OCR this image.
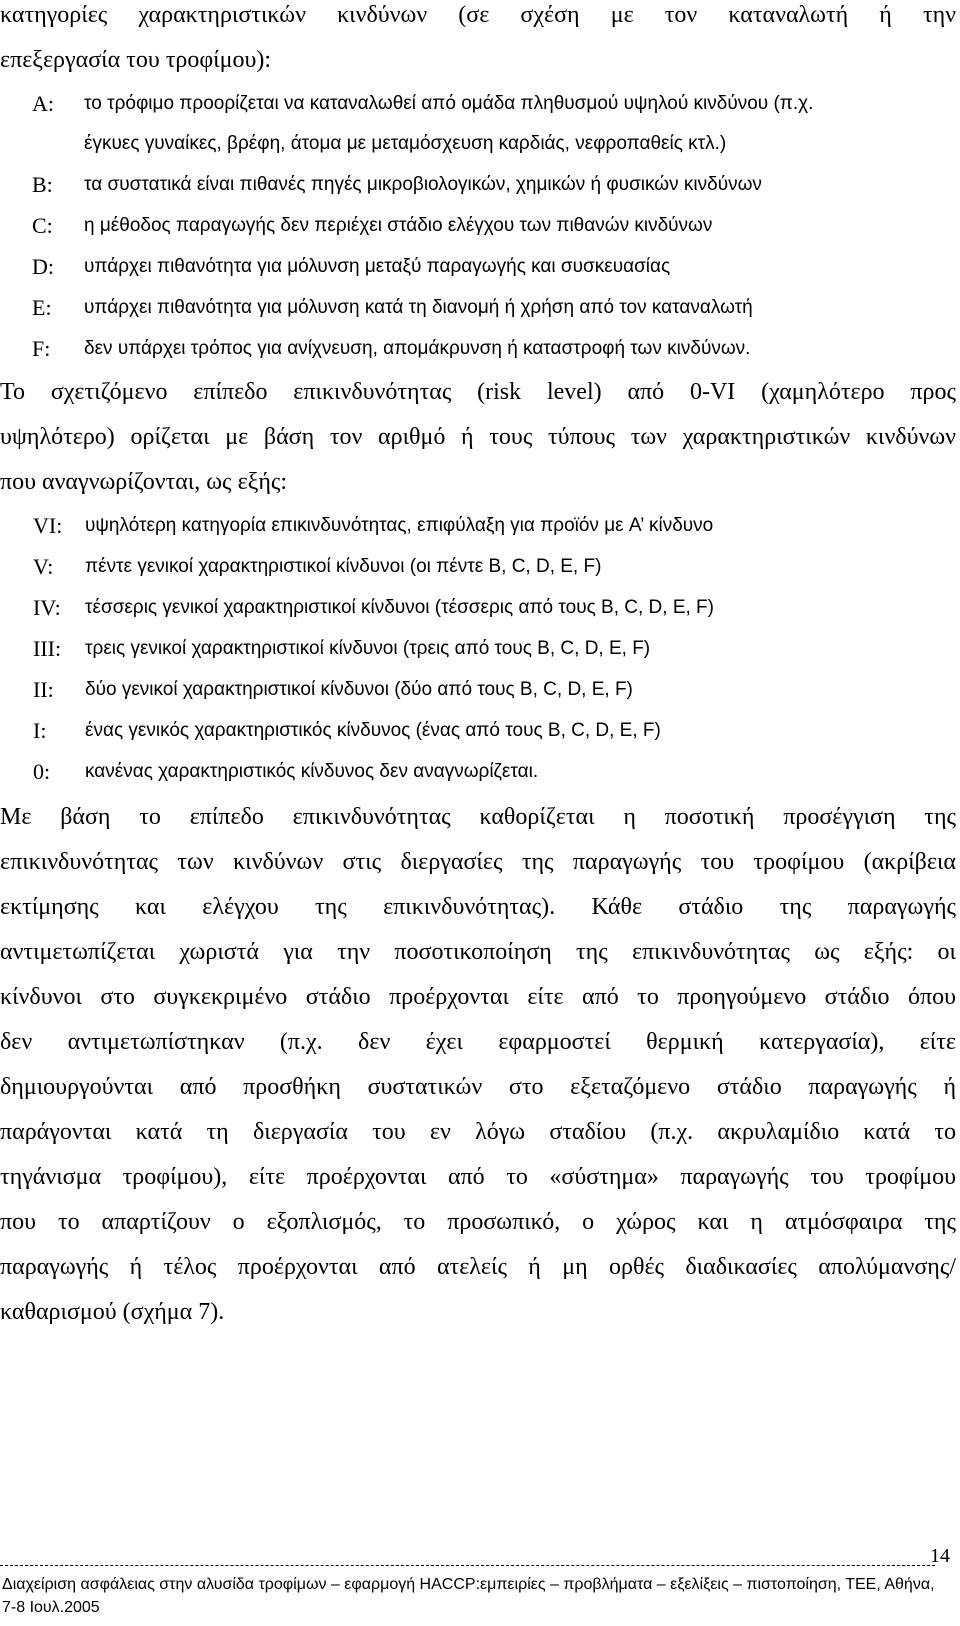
κατηγορίες χαρακτηριστικών κινδύνων (σε σχέση με τον καταναλωτή ή την
επεξεργασία του τροφίμου):
A: το τρόφιμο προορίζεται να καταναλωθεί από ομάδα πληθυσμού υψηλού κινδύνου (π.χ.
έγκυες γυναίκες, βρέφη, άτομα με μεταμόσχευση καρδιάς, νεφροπαθείς κτλ.)
B: τα συστατικά είναι πιθανές πηγές μικροβιολογικών, χημικών ή φυσικών κινδύνων
C: η μέθοδος παραγωγής δεν περιέχει στάδιο ελέγχου των πιθανών κινδύνων
D: υπάρχει πιθανότητα για μόλυνση μεταξύ παραγωγής και συσκευασίας
E: υπάρχει πιθανότητα για μόλυνση κατά τη διανομή ή χρήση από τον καταναλωτή
F: δεν υπάρχει τρόπος για ανίχνευση, απομάκρυνση ή καταστροφή των κινδύνων.
Το σχετιζόμενο επίπεδο επικινδυνότητας (risk level) από 0-VI (χαμηλότερο προς
υψηλότερο) ορίζεται με βάση τον αριθμό ή τους τύπους των χαρακτηριστικών κινδύνων
που αναγνωρίζονται, ως εξής:
VI: υψηλότερη κατηγορία επικινδυνότητας, επιφύλαξη για προϊόν με A’ κίνδυνο
V: πέντε γενικοί χαρακτηριστικοί κίνδυνοι (οι πέντε B, C, D, E, F)
IV: τέσσερις γενικοί χαρακτηριστικοί κίνδυνοι (τέσσερις από τους B, C, D, E, F)
III: τρεις γενικοί χαρακτηριστικοί κίνδυνοι (τρεις από τους B, C, D, E, F)
II: δύο γενικοί χαρακτηριστικοί κίνδυνοι (δύο από τους B, C, D, E, F)
I: ένας γενικός χαρακτηριστικός κίνδυνος (ένας από τους B, C, D, E, F)
0: κανένας χαρακτηριστικός κίνδυνος δεν αναγνωρίζεται.
Με βάση το επίπεδο επικινδυνότητας καθορίζεται η ποσοτική προσέγγιση της
επικινδυνότητας των κινδύνων στις διεργασίες της παραγωγής του τροφίμου (ακρίβεια
εκτίμησης και ελέγχου της επικινδυνότητας). Κάθε στάδιο της παραγωγής
αντιμετωπίζεται χωριστά για την ποσοτικοποίηση της επικινδυνότητας ως εξής: οι
κίνδυνοι στο συγκεκριμένο στάδιο προέρχονται είτε από το προηγούμενο στάδιο όπου
δεν αντιμετωπίστηκαν (π.χ. δεν έχει εφαρμοστεί θερμική κατεργασία), είτε
δημιουργούνται από προσθήκη συστατικών στο εξεταζόμενο στάδιο παραγωγής ή
παράγονται κατά τη διεργασία του εν λόγω σταδίου (π.χ. ακρυλαμίδιο κατά το
τηγάνισμα τροφίμου), είτε προέρχονται από το «σύστημα» παραγωγής του τροφίμου
που το απαρτίζουν ο εξοπλισμός, το προσωπικό, ο χώρος και η ατμόσφαιρα της
παραγωγής ή τέλος προέρχονται από ατελείς ή μη ορθές διαδικασίες απολύμανσης/
καθαρισμού (σχήμα 7).
14
Διαχείριση ασφάλειας στην αλυσίδα τροφίμων – εφαρμογή HACCP:εμπειρίες – προβλήματα – εξελίξεις – πιστοποίηση, ΤΕΕ, Αθήνα, 7-8 Ιουλ.2005
